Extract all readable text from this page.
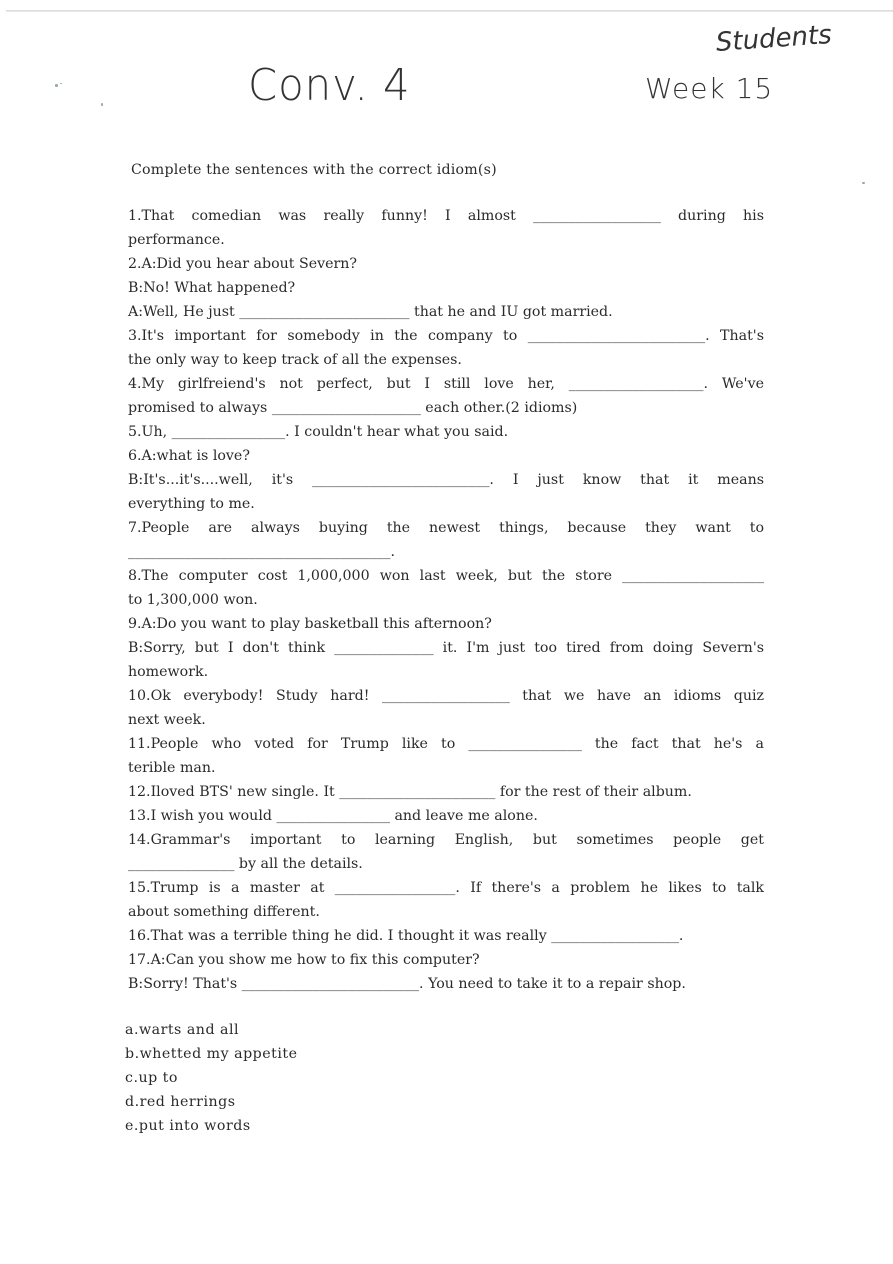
Conv. 4
Students
Week 15

Complete the sentences with the correct idiom(s)

1.That comedian was really funny! I almost __________________ during his

performance.

2.A:Did you hear about Severn?

B:No! What happened?

A:Well, He just ________________________ that he and IU got married.

3.It's important for somebody in the company to _________________________. That's

the only way to keep track of all the expenses.

4.My girlfreiend's not perfect, but I still love her, ___________________. We've

promised to always _____________________ each other.(2 idioms)

5.Uh, ________________. I couldn't hear what you said.

6.A:what is love?

B:It's...it's....well, it's _________________________. I just know that it means

everything to me.

7.People are always buying the newest things, because they want to

_____________________________________.

8.The computer cost 1,000,000 won last week, but the store ____________________

to 1,300,000 won.

9.A:Do you want to play basketball this afternoon?

B:Sorry, but I don't think ______________ it. I'm just too tired from doing Severn's

homework.

10.Ok everybody! Study hard! __________________ that we have an idioms quiz

next week.

11.People who voted for Trump like to ________________ the fact that he's a

terible man.

12.Iloved BTS' new single. It ______________________ for the rest of their album.

13.I wish you would ________________ and leave me alone.

14.Grammar's important to learning English, but sometimes people get

_______________ by all the details.

15.Trump is a master at _________________. If there's a problem he likes to talk

about something different.

16.That was a terrible thing he did. I thought it was really __________________.

17.A:Can you show me how to fix this computer?

B:Sorry! That's _________________________. You need to take it to a repair shop.

a.warts and all

b.whetted my appetite

c.up to

d.red herrings

e.put into words
